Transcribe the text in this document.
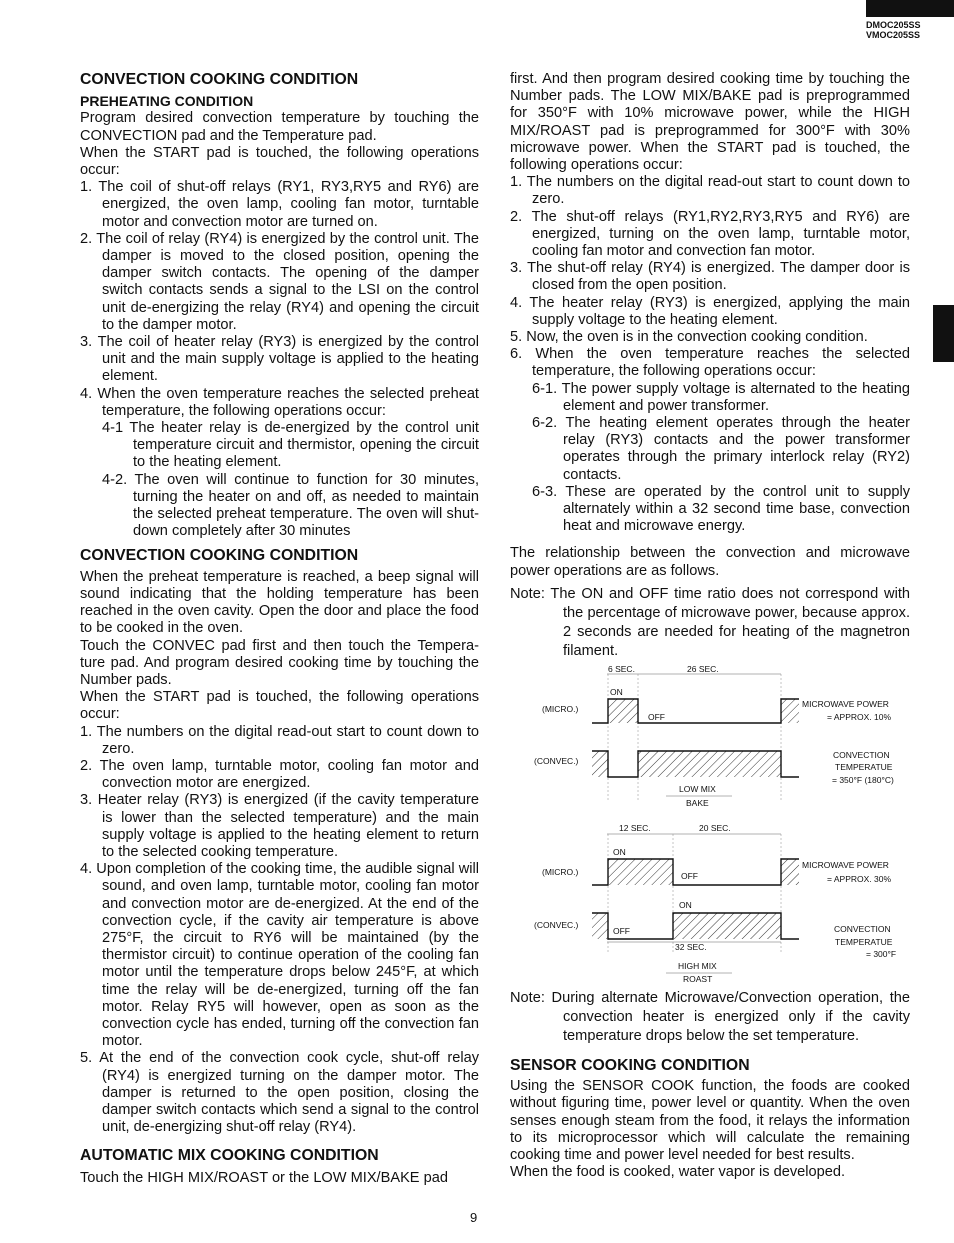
DMOC205SS
VMOC205SS

CONVECTION COOKING CONDITION

PREHEATING CONDITION

Program desired convection temperature by touching the CONVECTION pad and the Temperature pad.

When the START pad is touched, the following operations occur:

1. The coil of shut-off relays (RY1, RY3,RY5 and RY6) are energized, the oven lamp, cooling fan motor, turntable motor and convection motor are turned on.

2. The coil of relay (RY4) is energized by the control unit. The damper is moved to the closed position, opening the damper switch contacts. The opening of the damper switch contacts sends a signal to the LSI on the control unit de-energizing the relay (RY4) and opening the circuit to the damper motor.

3. The coil of heater relay (RY3) is energized by the control unit and the main supply voltage is applied to the heating element.

4. When the oven temperature reaches the selected preheat temperature, the following operations occur:

4-1 The heater relay is de-energized by the control unit temperature circuit and thermistor, opening the circuit to the heating element.

4-2. The oven will continue to function for 30 minutes, turning the heater on and off, as needed to maintain the selected preheat temperature. The oven will shut-down completely after 30 minutes

CONVECTION COOKING CONDITION

When the preheat temperature is reached, a beep signal will sound indicating that the holding temperature has been reached in the oven cavity. Open the door and place the food to be cooked in the oven.

Touch the CONVEC pad first and then touch the Tempera-ture pad. And program desired cooking time by touching the Number pads.

When the START pad is touched, the following operations occur:

1. The numbers on the digital read-out start to count down to zero.

2. The oven lamp, turntable motor, cooling fan motor and convection motor are energized.

3. Heater relay (RY3) is energized (if the cavity temperature is lower than the selected temperature) and the main supply voltage is applied to the heating element to return to the selected cooking temperature.

4. Upon completion of the cooking time, the audible signal will sound, and oven lamp, turntable motor, cooling fan motor and convection motor are de-energized. At the end of the convection cycle, if the cavity air temperature is above 275°F, the circuit to RY6 will be maintained (by the thermistor circuit) to continue operation of the cooling fan motor until the temperature drops below 245°F, at which time the relay will be de-energized, turning off the fan motor. Relay RY5 will however, open as soon as the convection cycle has ended, turning off the convection fan motor.

5. At the end of the convection cook cycle, shut-off relay (RY4) is energized turning on the damper motor. The damper is returned to the open position, closing the damper switch contacts which send a signal to the control unit, de-energizing shut-off relay (RY4).

AUTOMATIC MIX COOKING CONDITION

Touch the HIGH MIX/ROAST or the LOW MIX/BAKE pad

first. And then program desired cooking time by touching the Number pads. The LOW MIX/BAKE pad is preprogrammed for 350°F with 10% microwave power, while the HIGH MIX/ROAST pad is preprogrammed for 300°F with 30% microwave power. When the START pad is touched, the following operations occur:

1. The numbers on the digital read-out start to count down to zero.

2. The shut-off relays (RY1,RY2,RY3,RY5 and RY6) are energized, turning on the oven lamp, turntable motor, cooling fan motor and convection fan motor.

3. The shut-off relay (RY4) is energized. The damper door is closed from the open position.

4. The heater relay (RY3) is energized, applying the main supply voltage to the heating element.

5. Now, the oven is in the convection cooking condition.

6. When the oven temperature reaches the selected temperature, the following operations occur:

6-1. The power supply voltage is alternated to the heating element and power transformer.

6-2. The heating element operates through the heater relay (RY3) contacts and the power transformer operates through the primary interlock relay (RY2) contacts.

6-3. These are operated by the control unit to supply alternately within a 32 second time base, convection heat and microwave energy.

The relationship between the convection and microwave power operations are as follows.

Note: The ON and OFF time ratio does not correspond with the percentage of microwave power, because approx. 2 seconds are needed for heating of the magnetron filament.

6 SEC.	26 SEC.
(MICRO.)
ON
OFF
MICROWAVE POWER
= APPROX. 10%
(CONVEC.)
CONVECTION
TEMPERATUE
= 350°F (180°C)
LOW MIX
BAKE
12 SEC.	20 SEC.
(MICRO.)
ON
OFF
MICROWAVE POWER
= APPROX. 30%
(CONVEC.)
ON
OFF	CONVECTION
TEMPERATUE
= 300°F
32 SEC.
HIGH MIX
ROAST

Note: During alternate Microwave/Convection operation, the convection heater is energized only if the cavity temperature drops below the set temperature.

SENSOR COOKING CONDITION

Using the SENSOR COOK function, the foods are cooked without figuring time, power level or quantity. When the oven senses enough steam from the food, it relays the information to its microprocessor which will calculate the remaining cooking time and power level needed for best results.

When the food is cooked, water vapor is developed.

9
